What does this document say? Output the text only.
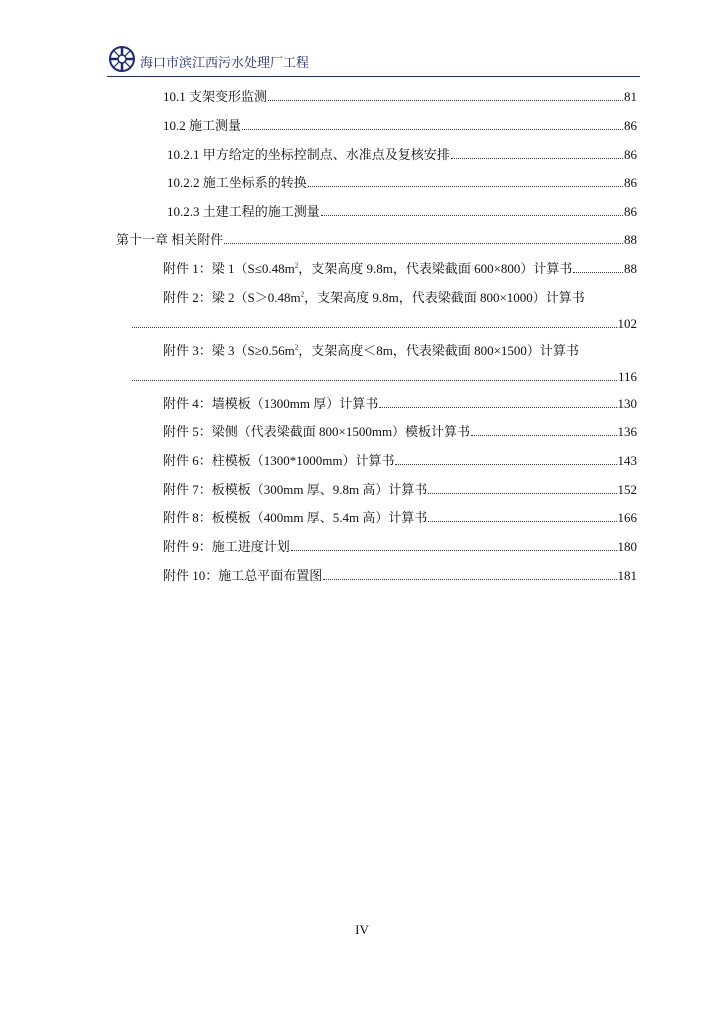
海口市滨江西污水处理厂工程
10.1 支架变形监测	81
10.2 施工测量	86
10.2.1 甲方给定的坐标控制点、水准点及复核安排	86
10.2.2 施工坐标系的转换	86
10.2.3 土建工程的施工测量	86
第十一章 相关附件	88
附件 1：梁 $1(S\le 0.48m^2$，支架高度 9.8m，代表梁截面 600×800）计算书	88
附件 2：梁 $2(S>0.48m^2$，支架高度 9.8m，代表梁截面 800×1000）计算书
102
附件 3：梁 $3(S\ge 0.56m^2$，支架高度＜8m，代表梁截面 800×1500）计算书
116
附件 4：墙模板（1300mm 厚）计算书	130
附件 5：梁侧（代表梁截面 800×1500mm）模板计算书	136
附件 6：柱模板（1300*1000mm）计算书	143
附件 7：板模板（300mm 厚、9.8m 高）计算书	152
附件 8：板模板（400mm 厚、5.4m 高）计算书	166
附件 9：施工进度计划	180
附件 10：施工总平面布置图	181
IV
